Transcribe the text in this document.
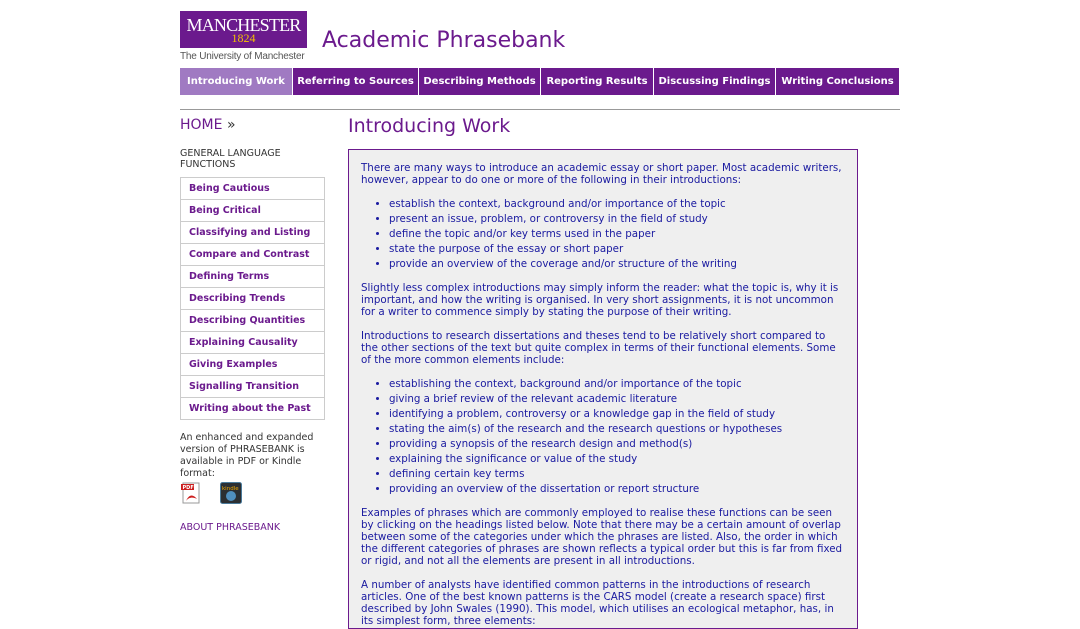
MANCHESTER
1824
The University of Manchester
Academic Phrasebank
Introducing Work	Referring to Sources Describing Methods	Reporting Results	Discussing Findings	Writing Conclusions
HOME »
GENERAL LANGUAGE FUNCTIONS
Being Cautious
Being Critical
Classifying and Listing
Compare and Contrast
Defining Terms
Describing Trends
Describing Quantities
Explaining Causality
Giving Examples
Signalling Transition
Writing about the Past
An enhanced and expanded version of PHRASEBANK is available in PDF or Kindle format:
PDF	kindle
ABOUT PHRASEBANK
Introducing Work

There are many ways to introduce an academic essay or short paper. Most academic writers, however, appear to do one or more of the following in their introductions:

• establish the context, background and/or importance of the topic
• present an issue, problem, or controversy in the field of study
• define the topic and/or key terms used in the paper
• state the purpose of the essay or short paper
• provide an overview of the coverage and/or structure of the writing

Slightly less complex introductions may simply inform the reader: what the topic is, why it is important, and how the writing is organised. In very short assignments, it is not uncommon for a writer to commence simply by stating the purpose of their writing.

Introductions to research dissertations and theses tend to be relatively short compared to the other sections of the text but quite complex in terms of their functional elements. Some of the more common elements include:

• establishing the context, background and/or importance of the topic
• giving a brief review of the relevant academic literature
• identifying a problem, controversy or a knowledge gap in the field of study
• stating the aim(s) of the research and the research questions or hypotheses
• providing a synopsis of the research design and method(s)
• explaining the significance or value of the study
• defining certain key terms
• providing an overview of the dissertation or report structure

Examples of phrases which are commonly employed to realise these functions can be seen by clicking on the headings listed below. Note that there may be a certain amount of overlap between some of the categories under which the phrases are listed. Also, the order in which the different categories of phrases are shown reflects a typical order but this is far from fixed or rigid, and not all the elements are present in all introductions.

A number of analysts have identified common patterns in the introductions of research articles. One of the best known patterns is the CARS model (create a research space) first described by John Swales (1990). This model, which utilises an ecological metaphor, has, in its simplest form, three elements:
